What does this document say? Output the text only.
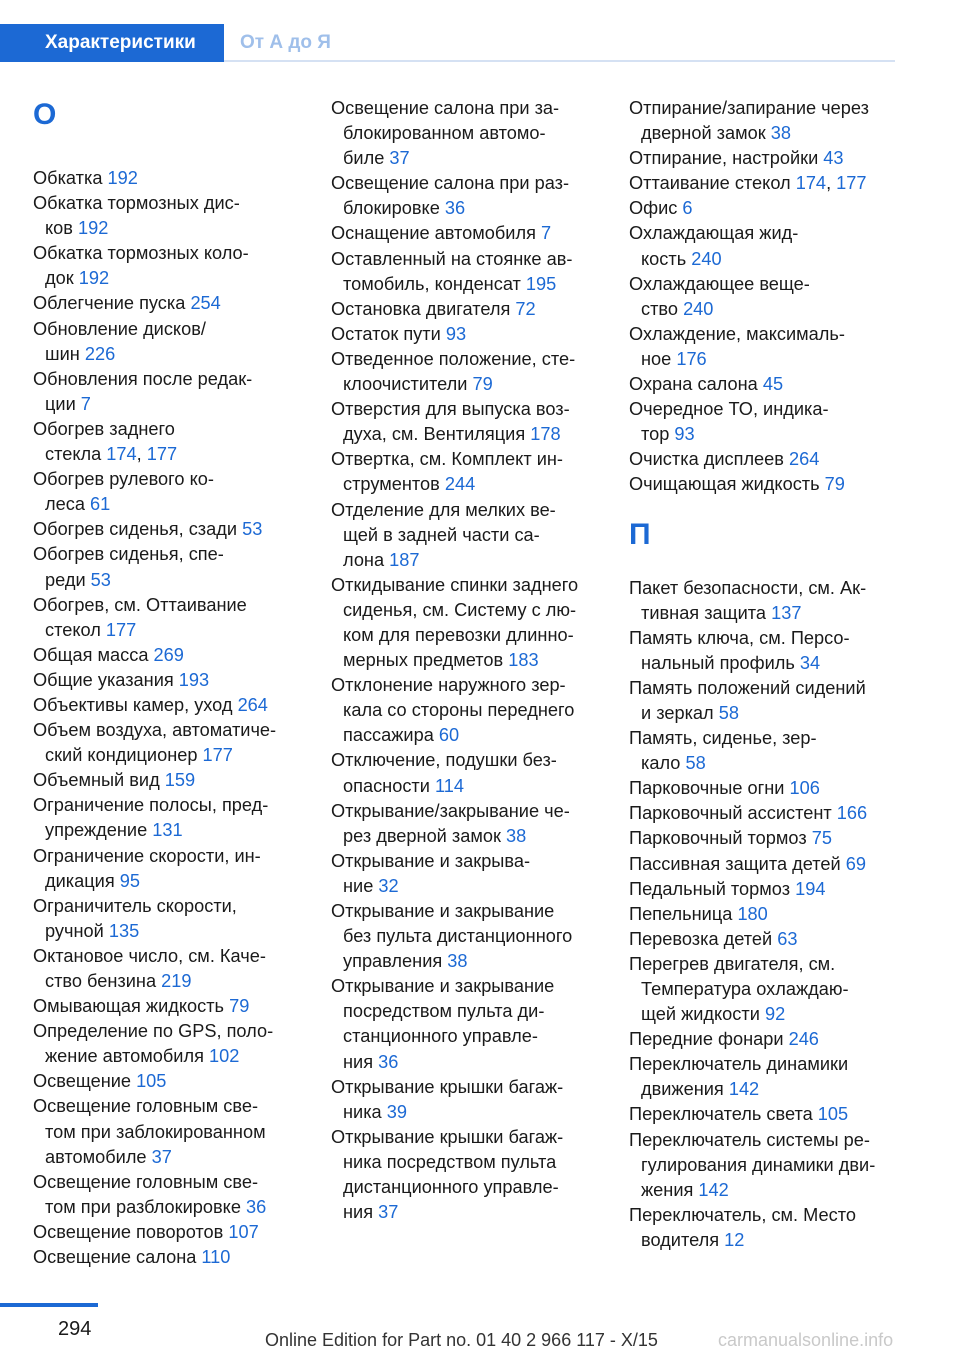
Характеристики	От А до Я
О
Обкатка 192
Обкатка тормозных дис‐
ков 192
Обкатка тормозных коло‐
док 192
Облегчение пуска 254
Обновление дисков/
шин 226
Обновления после редак‐
ции 7
Обогрев заднего
стекла 174, 177
Обогрев рулевого ко‐
леса 61
Обогрев сиденья, сзади 53
Обогрев сиденья, спе‐
реди 53
Обогрев, см. Оттаивание
стекол 177
Общая масса 269
Общие указания 193
Объективы камер, уход 264
Объем воздуха, автоматиче‐
ский кондиционер 177
Объемный вид 159
Ограничение полосы, пред‐
упреждение 131
Ограничение скорости, ин‐
дикация 95
Ограничитель скорости,
ручной 135
Октановое число, см. Каче‐
ство бензина 219
Омывающая жидкость 79
Определение по GPS, поло‐
жение автомобиля 102
Освещение 105
Освещение головным све‐
том при заблокированном
автомобиле 37
Освещение головным све‐
том при разблокировке 36
Освещение поворотов 107
Освещение салона 110
Освещение салона при за‐
блокированном автомо‐
биле 37
Освещение салона при раз‐
блокировке 36
Оснащение автомобиля 7
Оставленный на стоянке ав‐
томобиль, конденсат 195
Остановка двигателя 72
Остаток пути 93
Отведенное положение, сте‐
клоочистители 79
Отверстия для выпуска воз‐
духа, см. Вентиляция 178
Отвертка, см. Комплект ин‐
струментов 244
Отделение для мелких ве‐
щей в задней части са‐
лона 187
Откидывание спинки заднего
сиденья, см. Систему с лю‐
ком для перевозки длинно‐
мерных предметов 183
Отклонение наружного зер‐
кала со стороны переднего
пассажира 60
Отключение, подушки без‐
опасности 114
Открывание/закрывание че‐
рез дверной замок 38
Открывание и закрыва‐
ние 32
Открывание и закрывание
без пульта дистанционного
управления 38
Открывание и закрывание
посредством пульта ди‐
станционного управле‐
ния 36
Открывание крышки багаж‐
ника 39
Открывание крышки багаж‐
ника посредством пульта
дистанционного управле‐
ния 37
Отпирание/запирание через
дверной замок 38
Отпирание, настройки 43
Оттаивание стекол 174, 177
Офис 6
Охлаждающая жид‐
кость 240
Охлаждающее веще‐
ство 240
Охлаждение, максималь‐
ное 176
Охрана салона 45
Очередное ТО, индика‐
тор 93
Очистка дисплеев 264
Очищающая жидкость 79
П
Пакет безопасности, см. Ак‐
тивная защита 137
Память ключа, см. Персо‐
нальный профиль 34
Память положений сидений
и зеркал 58
Память, сиденье, зер‐
кало 58
Парковочные огни 106
Парковочный ассистент 166
Парковочный тормоз 75
Пассивная защита детей 69
Педальный тормоз 194
Пепельница 180
Перевозка детей 63
Перегрев двигателя, см.
Температура охлаждаю‐
щей жидкости 92
Передние фонари 246
Переключатель динамики
движения 142
Переключатель света 105
Переключатель системы ре‐
гулирования динамики дви‐
жения 142
Переключатель, см. Место
водителя 12
294	Online Edition for Part no. 01 40 2 966 117 - X/15	carmanualsonline.info
